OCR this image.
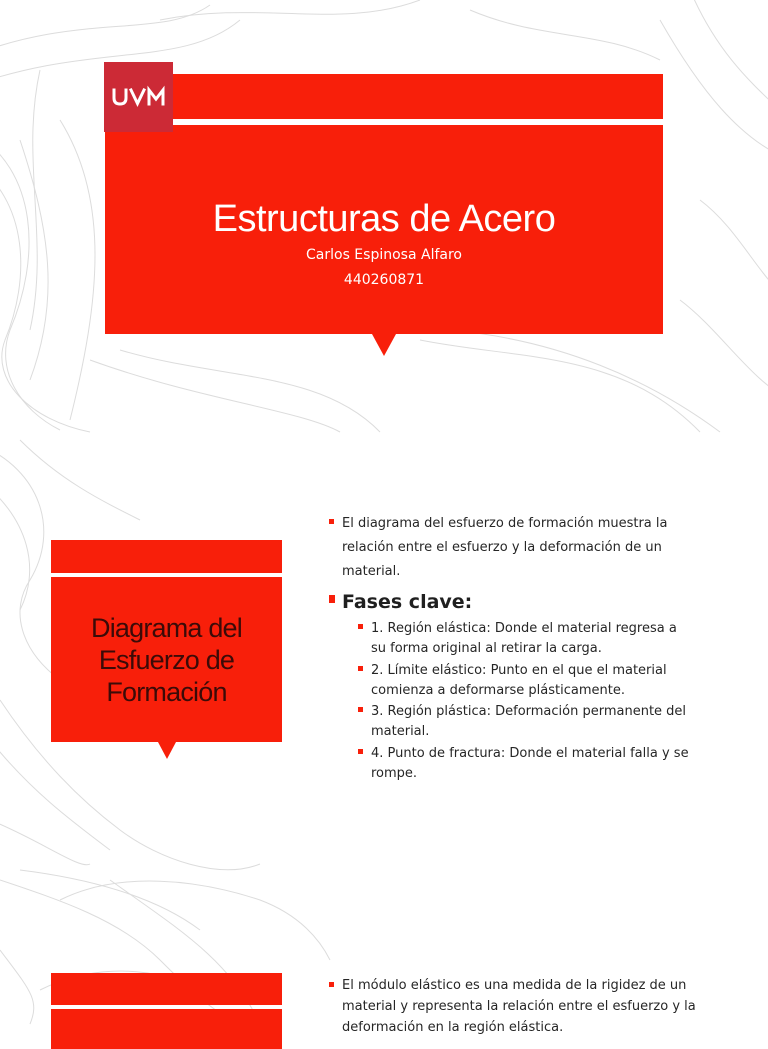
Estructuras de Acero
Carlos Espinosa Alfaro
440260871
Diagrama del Esfuerzo de Formación
El diagrama del esfuerzo de formación muestra la relación entre el esfuerzo y la deformación de un material.
Fases clave:
1. Región elástica: Donde el material regresa a su forma original al retirar la carga.
2. Límite elástico: Punto en el que el material comienza a deformarse plásticamente.
3. Región plástica: Deformación permanente del material.
4. Punto de fractura: Donde el material falla y se rompe.
El módulo elástico es una medida de la rigidez de un material y representa la relación entre el esfuerzo y la deformación en la región elástica.
